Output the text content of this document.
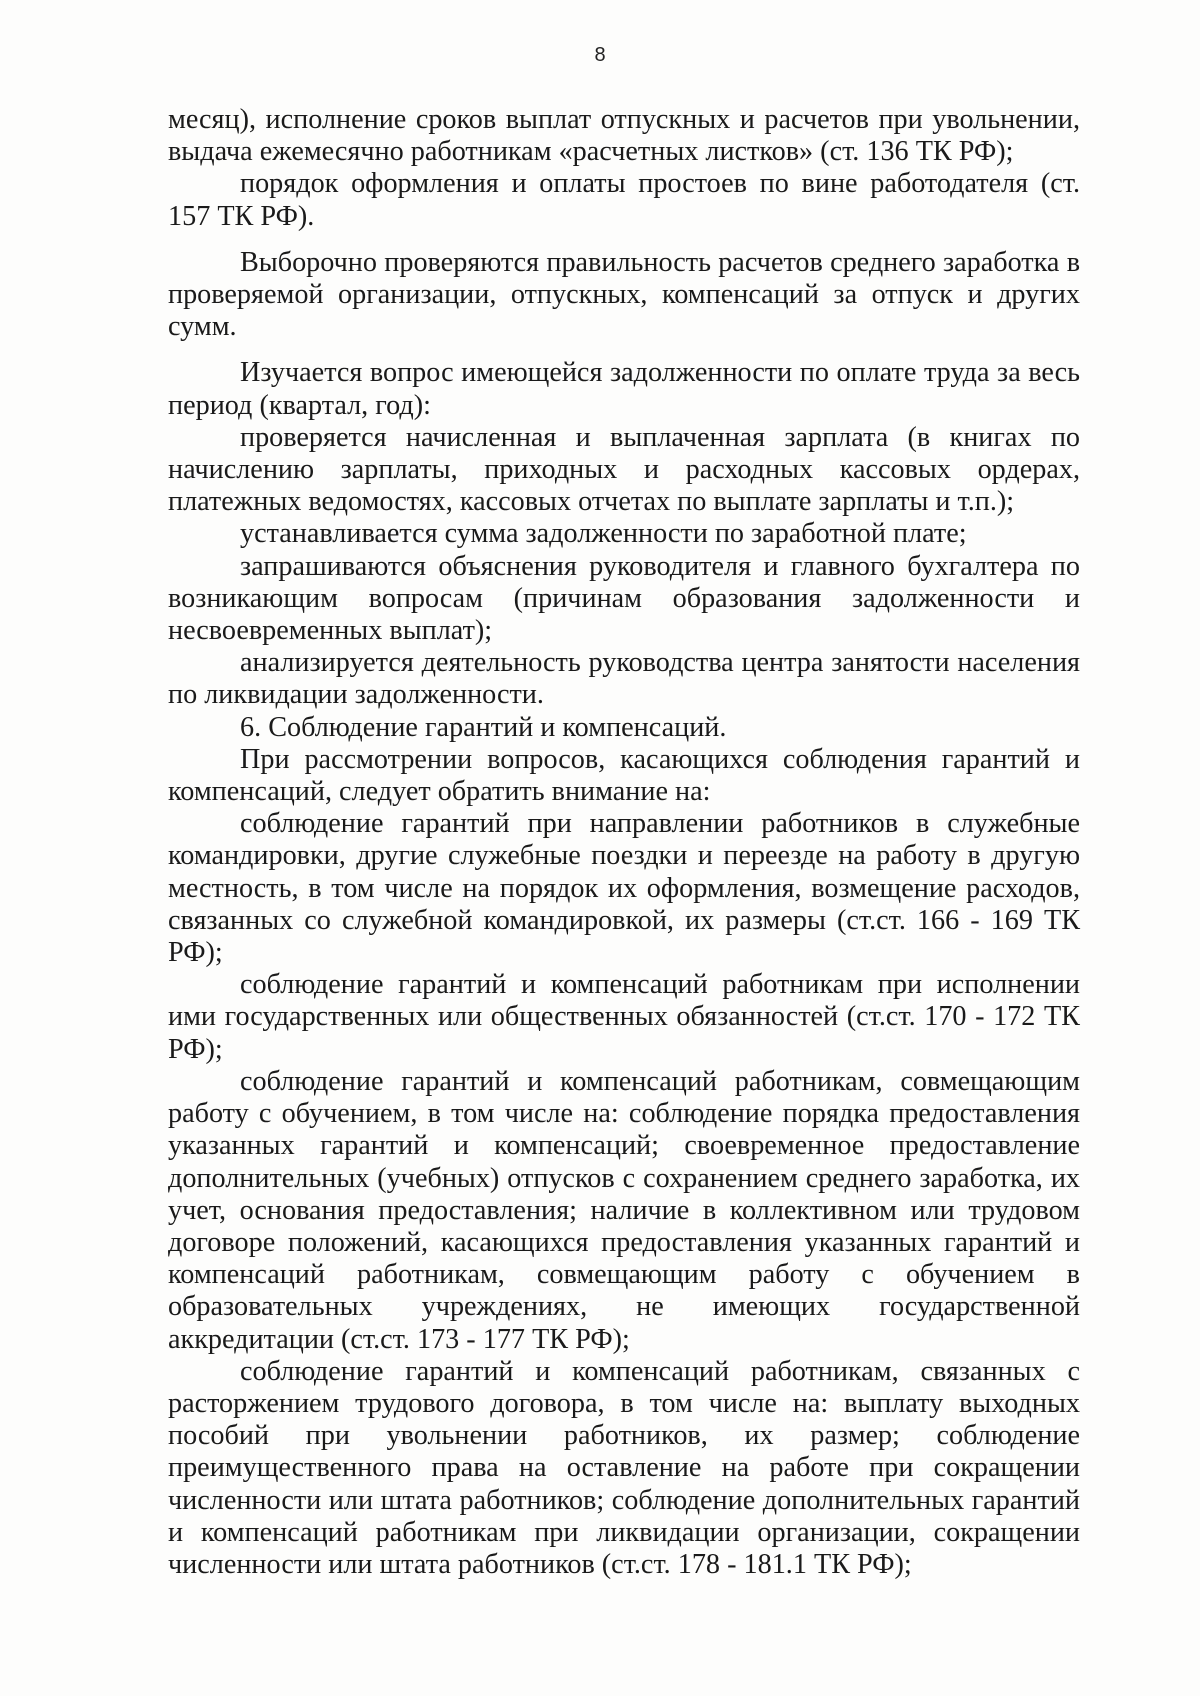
8

месяц), исполнение сроков выплат отпускных и расчетов при увольнении, выдача ежемесячно работникам «расчетных листков» (ст. 136 ТК РФ);

порядок оформления и оплаты простоев по вине работодателя (ст. 157 ТК РФ).

Выборочно проверяются правильность расчетов среднего заработка в проверяемой организации, отпускных, компенсаций за отпуск и других сумм.

Изучается вопрос имеющейся задолженности по оплате труда за весь период (квартал, год):

проверяется начисленная и выплаченная зарплата (в книгах по начислению зарплаты, приходных и расходных кассовых ордерах, платежных ведомостях, кассовых отчетах по выплате зарплаты и т.п.);

устанавливается сумма задолженности по заработной плате;

запрашиваются объяснения руководителя и главного бухгалтера по возникающим вопросам (причинам образования задолженности и несвоевременных выплат);

анализируется деятельность руководства центра занятости населения по ликвидации задолженности.

6. Соблюдение гарантий и компенсаций.

При рассмотрении вопросов, касающихся соблюдения гарантий и компенсаций, следует обратить внимание на:

соблюдение гарантий при направлении работников в служебные командировки, другие служебные поездки и переезде на работу в другую местность, в том числе на порядок их оформления, возмещение расходов, связанных со служебной командировкой, их размеры (ст.ст. 166 - 169 ТК РФ);

соблюдение гарантий и компенсаций работникам при исполнении ими государственных или общественных обязанностей (ст.ст. 170 - 172 ТК РФ);

соблюдение гарантий и компенсаций работникам, совмещающим работу с обучением, в том числе на: соблюдение порядка предоставления указанных гарантий и компенсаций; своевременное предоставление дополнительных (учебных) отпусков с сохранением среднего заработка, их учет, основания предоставления; наличие в коллективном или трудовом договоре положений, касающихся предоставления указанных гарантий и компенсаций работникам, совмещающим работу с обучением в образовательных учреждениях, не имеющих государственной аккредитации (ст.ст. 173 - 177 ТК РФ);

соблюдение гарантий и компенсаций работникам, связанных с расторжением трудового договора, в том числе на: выплату выходных пособий при увольнении работников, их размер; соблюдение преимущественного права на оставление на работе при сокращении численности или штата работников; соблюдение дополнительных гарантий и компенсаций работникам при ликвидации организации, сокращении численности или штата работников (ст.ст. 178 - 181.1 ТК РФ);
